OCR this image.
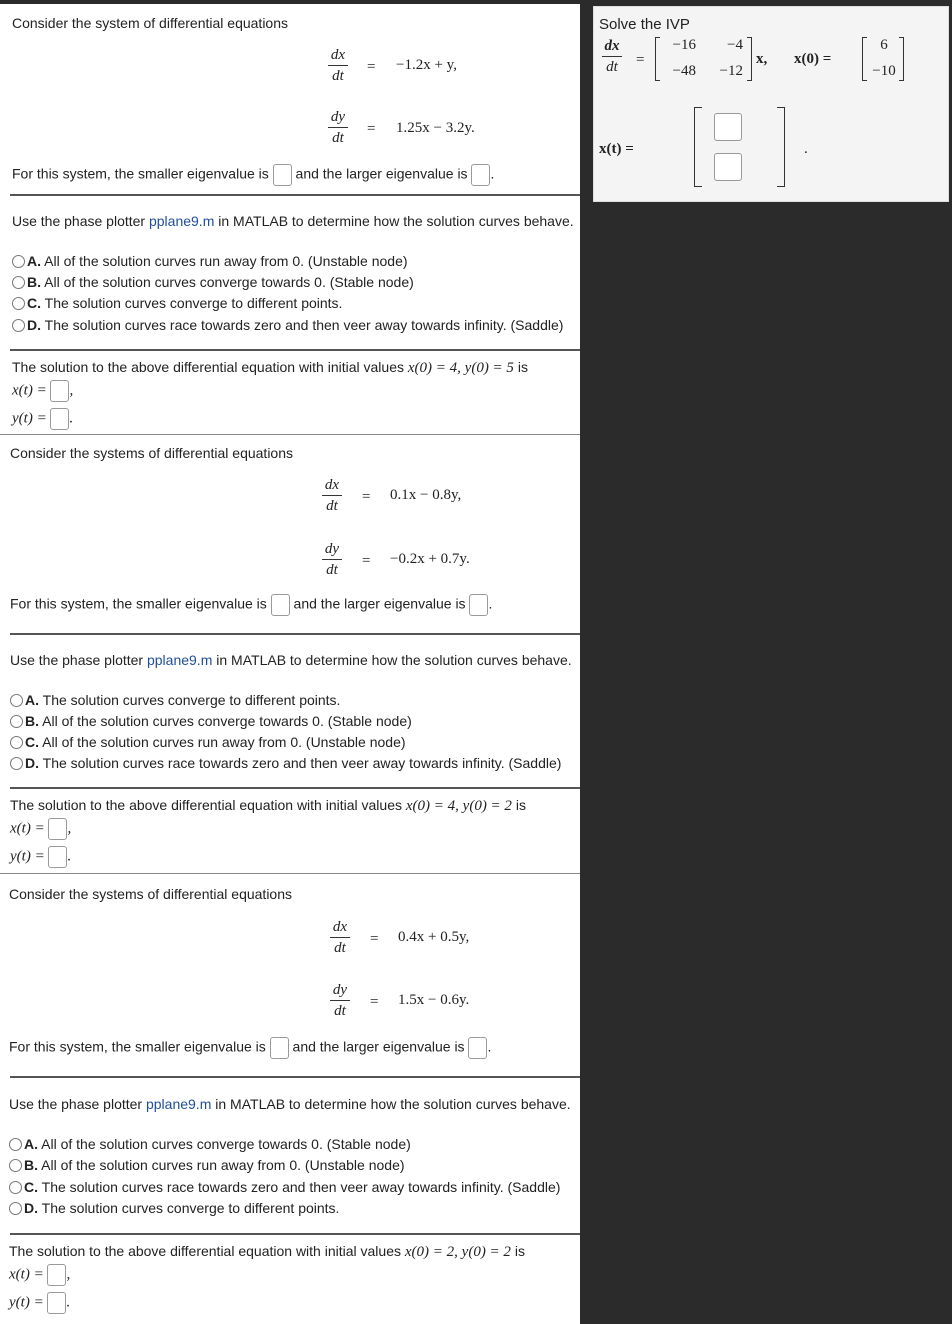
Consider the system of differential equations
dx
dt
= −1.2x + y,
dy
dt
= 1.25x − 3.2y.
For this system, the smaller eigenvalue is and the larger eigenvalue is .
Use the phase plotter pplane9.m in MATLAB to determine how the solution curves behave.
A. All of the solution curves run away from 0. (Unstable node)
B. All of the solution curves converge towards 0. (Stable node)
C. The solution curves converge to different points.
D. The solution curves race towards zero and then veer away towards infinity. (Saddle)
The solution to the above differential equation with initial values x(0) = 4, y(0) = 5 is
x(t) = ,
y(t) = .
Consider the systems of differential equations
dx
dt
= 0.1x − 0.8y,
dy
dt
= −0.2x + 0.7y.
For this system, the smaller eigenvalue is and the larger eigenvalue is .
Use the phase plotter pplane9.m in MATLAB to determine how the solution curves behave.
A. The solution curves converge to different points.
B. All of the solution curves converge towards 0. (Stable node)
C. All of the solution curves run away from 0. (Unstable node)
D. The solution curves race towards zero and then veer away towards infinity. (Saddle)
The solution to the above differential equation with initial values x(0) = 4, y(0) = 2 is
x(t) = ,
y(t) = .
Consider the systems of differential equations
dx
dt
= 0.4x + 0.5y,
dy
dt
= 1.5x − 0.6y.
For this system, the smaller eigenvalue is and the larger eigenvalue is .
Use the phase plotter pplane9.m in MATLAB to determine how the solution curves behave.
A. All of the solution curves converge towards 0. (Stable node)
B. All of the solution curves run away from 0. (Unstable node)
C. The solution curves race towards zero and then veer away towards infinity. (Saddle)
D. The solution curves converge to different points.
The solution to the above differential equation with initial values x(0) = 2, y(0) = 2 is
x(t) = ,
y(t) = .
Solve the IVP
dx
dt =
−16	−4
−48	−12
x, x(0) =
6
−10
x(t) =	.
